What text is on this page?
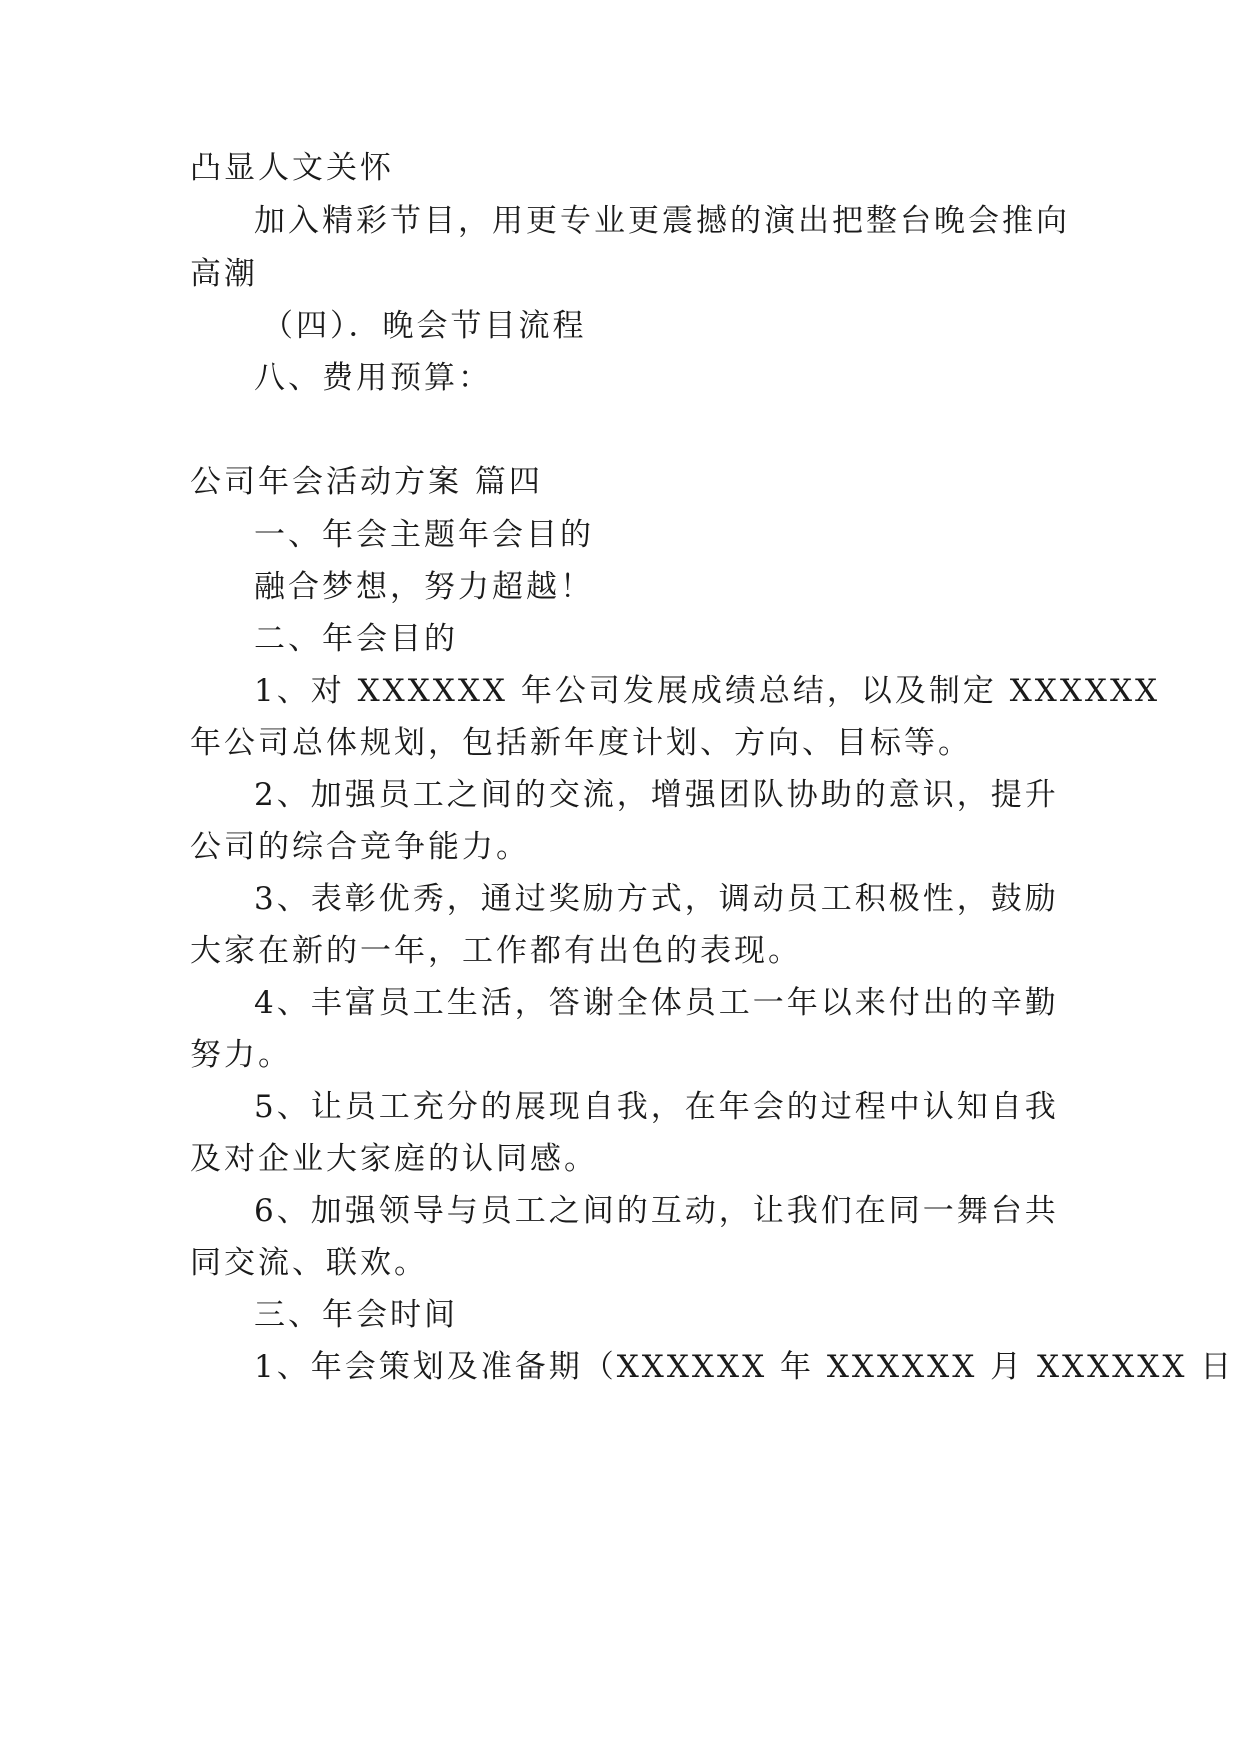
凸显人文关怀

加入精彩节目，用更专业更震撼的演出把整台晚会推向

高潮

（四）．晚会节目流程

八、费用预算：

公司年会活动方案 篇四

一、年会主题年会目的

融合梦想，努力超越！

二、年会目的

1、对 XXXXXX 年公司发展成绩总结，以及制定 XXXXXX

年公司总体规划，包括新年度计划、方向、目标等。

2、加强员工之间的交流，增强团队协助的意识，提升

公司的综合竞争能力。

3、表彰优秀，通过奖励方式，调动员工积极性，鼓励

大家在新的一年，工作都有出色的表现。

4、丰富员工生活，答谢全体员工一年以来付出的辛勤

努力。

5、让员工充分的展现自我，在年会的过程中认知自我

及对企业大家庭的认同感。

6、加强领导与员工之间的互动，让我们在同一舞台共

同交流、联欢。

三、年会时间

1、年会策划及准备期（XXXXXX 年 XXXXXX 月 XXXXXX 日
